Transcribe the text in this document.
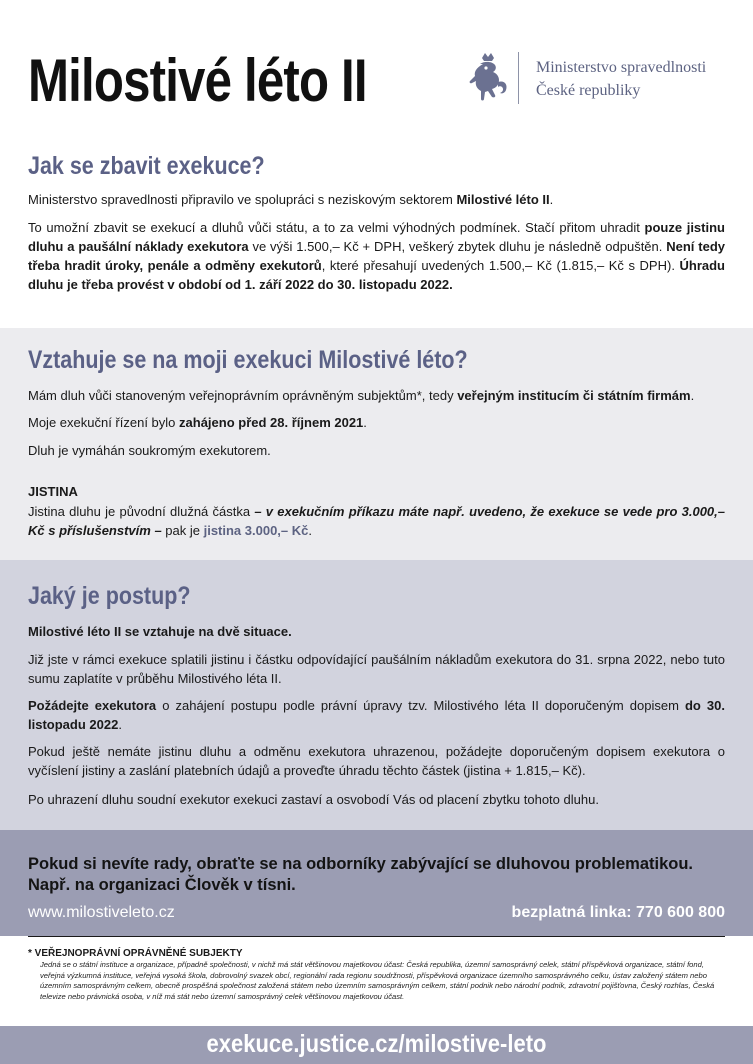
Milostivé léto II	Ministerstvo spravedlnosti
České republiky
Jak se zbavit exekuce?
Ministerstvo spravedlnosti připravilo ve spolupráci s neziskovým sektorem Milostivé léto II.
To umožní zbavit se exekucí a dluhů vůči státu, a to za velmi výhodných podmínek. Stačí přitom uhradit pouze jistinu dluhu a paušální náklady exekutora ve výši 1.500,– Kč + DPH, veškerý zbytek dluhu je následně odpuštěn. Není tedy třeba hradit úroky, penále a odměny exekutorů, které přesahují uvedených 1.500,– Kč (1.815,– Kč s DPH). Úhradu dluhu je třeba provést v období od 1. září 2022 do 30. listopadu 2022.
Vztahuje se na moji exekuci Milostivé léto?
Mám dluh vůči stanoveným veřejnoprávním oprávněným subjektům*, tedy veřejným institucím či státním firmám.
Moje exekuční řízení bylo zahájeno před 28. říjnem 2021.
Dluh je vymáhán soukromým exekutorem.
JISTINA
Jistina dluhu je původní dlužná částka – v exekučním příkazu máte např. uvedeno, že exekuce se vede pro 3.000,– Kč s příslušenstvím – pak je jistina 3.000,– Kč.
Jaký je postup?
Milostivé léto II se vztahuje na dvě situace.
Již jste v rámci exekuce splatili jistinu i částku odpovídající paušálním nákladům exekutora do 31. srpna 2022, nebo tuto sumu zaplatíte v průběhu Milostivého léta II.
Požádejte exekutora o zahájení postupu podle právní úpravy tzv. Milostivého léta II doporučeným dopisem do 30. listopadu 2022.
Pokud ještě nemáte jistinu dluhu a odměnu exekutora uhrazenou, požádejte doporučeným dopisem exekutora o vyčíslení jistiny a zaslání platebních údajů a proveďte úhradu těchto částek (jistina + 1.815,– Kč).
Po uhrazení dluhu soudní exekutor exekuci zastaví a osvobodí Vás od placení zbytku tohoto dluhu.
Pokud si nevíte rady, obraťte se na odborníky zabývající se dluhovou problematikou. Např. na organizaci Člověk v tísni.
www.milostiveleto.cz	bezplatná linka: 770 600 800
* VEŘEJNOPRÁVNÍ OPRÁVNĚNÉ SUBJEKTY
Jedná se o státní instituce a organizace, případně společnosti, v nichž má stát většinovou majetkovou účast: Česká republika, územní samosprávný celek, státní příspěvková organizace, státní fond, veřejná výzkumná instituce, veřejná vysoká škola, dobrovolný svazek obcí, regionální rada regionu soudržnosti, příspěvková organizace územního samosprávného celku, ústav založený státem nebo územním samosprávným celkem, obecně prospěšná společnost založená státem nebo územním samosprávným celkem, státní podnik nebo národní podnik, zdravotní pojišťovna, Český rozhlas, Česká televize nebo právnická osoba, v níž má stát nebo územní samosprávný celek většinovou majetkovou účast.
exekuce.justice.cz/milostive-leto
